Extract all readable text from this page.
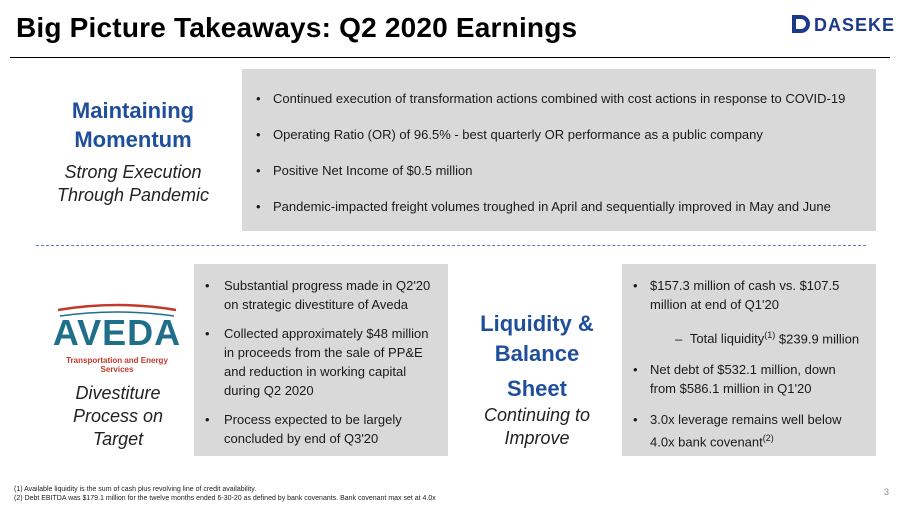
Big Picture Takeaways: Q2 2020 Earnings	DASEKE
Maintaining
Momentum
Strong Execution
Through Pandemic
• Continued execution of transformation actions combined with cost actions in response to COVID-19
• Operating Ratio (OR) of 96.5% - best quarterly OR performance as a public company
• Positive Net Income of $0.5 million
• Pandemic-impacted freight volumes troughed in April and sequentially improved in May and June
AVEDA
Transportation and Energy Services
Divestiture
Process on
Target
• Substantial progress made in Q2'20
on strategic divestiture of Aveda
• Collected approximately $48 million
in proceeds from the sale of PP&E
and reduction in working capital
during Q2 2020
• Process expected to be largely
concluded by end of Q3'20
Liquidity &
Balance
Sheet
Continuing to
Improve
• $157.3 million of cash vs. $107.5
million at end of Q1'20
– Total liquidity$^{(1)}$ $239.9 million
• Net debt of $532.1 million, down
from $586.1 million in Q1'20
• 3.0x leverage remains well below
4.0x bank covenant$^{(2)}$
(1) Available liquidity is the sum of cash plus revolving line of credit availability.
(2) Debt EBITDA was $179.1 million for the twelve months ended 6-30-20 as defined by bank covenants. Bank covenant max set at 4.0x
3
